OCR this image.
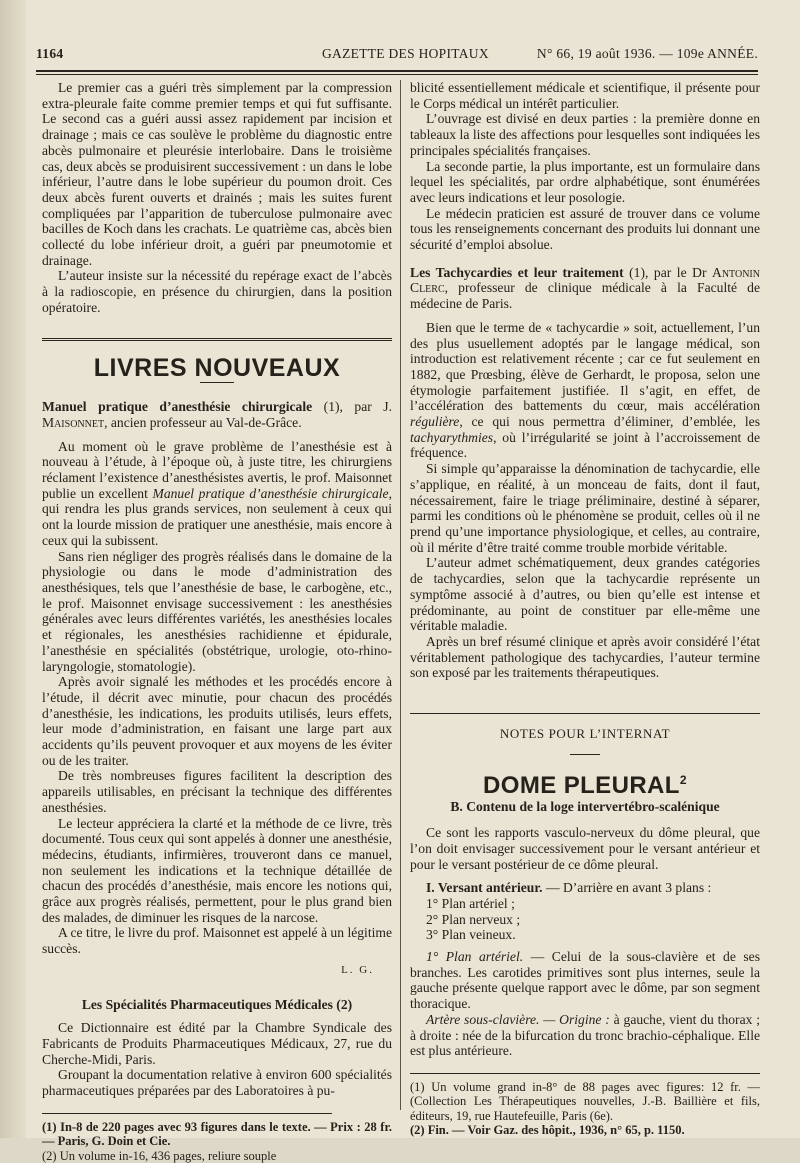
1164	GAZETTE DES HOPITAUX	N° 66, 19 août 1936. — 109e ANNÉE.

Le premier cas a guéri très simplement par la compression extra-pleurale faite comme premier temps et qui fut suffisante. Le second cas a guéri aussi assez rapidement par incision et drainage ; mais ce cas soulève le problème du diagnostic entre abcès pulmonaire et pleurésie interlobaire. Dans le troisième cas, deux abcès se produisirent successivement : un dans le lobe inférieur, l’autre dans le lobe supérieur du poumon droit. Ces deux abcès furent ouverts et drainés ; mais les suites furent compliquées par l’apparition de tuberculose pulmonaire avec bacilles de Koch dans les crachats. Le quatrième cas, abcès bien collecté du lobe inférieur droit, a guéri par pneumotomie et drainage.

L’auteur insiste sur la nécessité du repérage exact de l’abcès à la radioscopie, en présence du chirurgien, dans la position opératoire.

LIVRES NOUVEAUX

Manuel pratique d’anesthésie chirurgicale (1), par J. Maisonnet, ancien professeur au Val-de-Grâce.

Au moment où le grave problème de l’anesthésie est à nouveau à l’étude, à l’époque où, à juste titre, les chirurgiens réclament l’existence d’anesthésistes avertis, le prof. Maisonnet publie un excellent Manuel pratique d’anesthésie chirurgicale, qui rendra les plus grands services, non seulement à ceux qui ont la lourde mission de pratiquer une anesthésie, mais encore à ceux qui la subissent.

Sans rien négliger des progrès réalisés dans le domaine de la physiologie ou dans le mode d’administration des anesthésiques, tels que l’anesthésie de base, le carbogène, etc., le prof. Maisonnet envisage successivement : les anesthésies générales avec leurs différentes variétés, les anesthésies locales et régionales, les anesthésies rachidienne et épidurale, l’anesthésie en spécialités (obstétrique, urologie, oto-rhino-laryngologie, stomatologie).

Après avoir signalé les méthodes et les procédés encore à l’étude, il décrit avec minutie, pour chacun des procédés d’anesthésie, les indications, les produits utilisés, leurs effets, leur mode d’administration, en faisant une large part aux accidents qu’ils peuvent provoquer et aux moyens de les éviter ou de les traiter.

De très nombreuses figures facilitent la description des appareils utilisables, en précisant la technique des différentes anesthésies.

Le lecteur appréciera la clarté et la méthode de ce livre, très documenté. Tous ceux qui sont appelés à donner une anesthésie, médecins, étudiants, infirmières, trouveront dans ce manuel, non seulement les indications et la technique détaillée de chacun des procédés d’anesthésie, mais encore les notions qui, grâce aux progrès réalisés, permettent, pour le plus grand bien des malades, de diminuer les risques de la narcose.

A ce titre, le livre du prof. Maisonnet est appelé à un légitime succès.

L. G.
Les Spécialités Pharmaceutiques Médicales (2)

Ce Dictionnaire est édité par la Chambre Syndicale des Fabricants de Produits Pharmaceutiques Médicaux, 27, rue du Cherche-Midi, Paris.

Groupant la documentation relative à environ 600 spécialités pharmaceutiques préparées par des Laboratoires à pu-

(1) In-8 de 220 pages avec 93 figures dans le texte. — Prix : 28 fr. — Paris, G. Doin et Cie.

(2) Un volume in-16, 436 pages, reliure souple

blicité essentiellement médicale et scientifique, il présente pour le Corps médical un intérêt particulier.

L’ouvrage est divisé en deux parties : la première donne en tableaux la liste des affections pour lesquelles sont indiquées les principales spécialités françaises.

La seconde partie, la plus importante, est un formulaire dans lequel les spécialités, par ordre alphabétique, sont énumérées avec leurs indications et leur posologie.

Le médecin praticien est assuré de trouver dans ce volume tous les renseignements concernant des produits lui donnant une sécurité d’emploi absolue.

Les Tachycardies et leur traitement (1), par le Dr Antonin Clerc, professeur de clinique médicale à la Faculté de médecine de Paris.

Bien que le terme de « tachycardie » soit, actuellement, l’un des plus usuellement adoptés par le langage médical, son introduction est relativement récente ; car ce fut seulement en 1882, que Prœsbing, élève de Gerhardt, le proposa, selon une étymologie parfaitement justifiée. Il s’agit, en effet, de l’accélération des battements du cœur, mais accélération régulière, ce qui nous permettra d’éliminer, d’emblée, les tachyarythmies, où l’irrégularité se joint à l’accroissement de fréquence.

Si simple qu’apparaisse la dénomination de tachycardie, elle s’applique, en réalité, à un monceau de faits, dont il faut, nécessairement, faire le triage préliminaire, destiné à séparer, parmi les conditions où le phénomène se produit, celles où il ne prend qu’une importance physiologique, et celles, au contraire, où il mérite d’être traité comme trouble morbide véritable.

L’auteur admet schématiquement, deux grandes catégories de tachycardies, selon que la tachycardie représente un symptôme associé à d’autres, ou bien qu’elle est intense et prédominante, au point de constituer par elle-même une véritable maladie.

Après un bref résumé clinique et après avoir considéré l’état véritablement pathologique des tachycardies, l’auteur termine son exposé par les traitements thérapeutiques.

NOTES POUR L’INTERNAT
DOME PLEURAL$^2$
B. Contenu de la loge intervertébro-scalénique

Ce sont les rapports vasculo-nerveux du dôme pleural, que l’on doit envisager successivement pour le versant antérieur et pour le versant postérieur de ce dôme pleural.

I. Versant antérieur. — D’arrière en avant 3 plans :

1° Plan artériel ;

2° Plan nerveux ;

3° Plan veineux.

1° Plan artériel. — Celui de la sous-clavière et de ses branches. Les carotides primitives sont plus internes, seule la gauche présente quelque rapport avec le dôme, par son segment thoracique.

Artère sous-clavière. — Origine : à gauche, vient du thorax ; à droite : née de la bifurcation du tronc brachio-céphalique. Elle est plus antérieure.

(1) Un volume grand in-8° de 88 pages avec figures: 12 fr. — (Collection Les Thérapeutiques nouvelles, J.-B. Baillière et fils, éditeurs, 19, rue Hautefeuille, Paris (6e).

(2) Fin. — Voir Gaz. des hôpit., 1936, n° 65, p. 1150.
